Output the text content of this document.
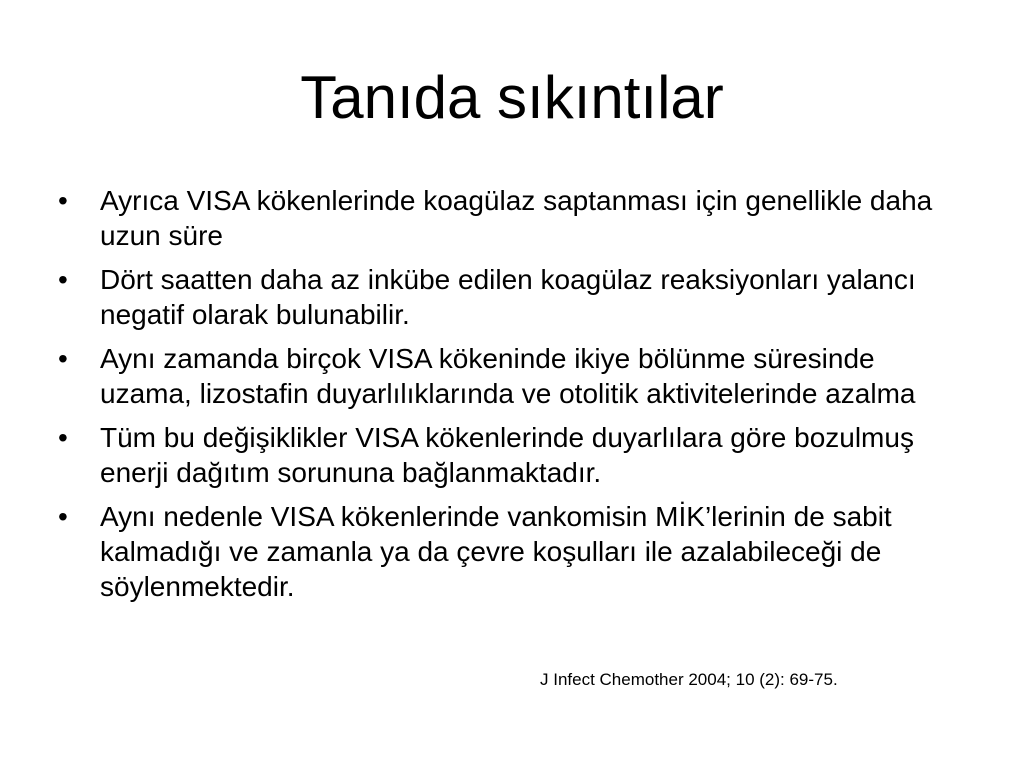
Tanıda sıkıntılar
•	Ayrıca VISA kökenlerinde koagülaz saptanması için genellikle daha uzun süre
•	Dört saatten daha az inkübe edilen koagülaz reaksiyonları yalancı negatif olarak bulunabilir.
•	Aynı zamanda birçok VISA kökeninde ikiye bölünme süresinde uzama, lizostafin duyarlılıklarında ve otolitik aktivitelerinde azalma
•	Tüm bu değişiklikler VISA kökenlerinde duyarlılara göre bozulmuş enerji dağıtım sorununa bağlanmaktadır.
•	Aynı nedenle VISA kökenlerinde vankomisin MİK’lerinin de sabit kalmadığı ve zamanla ya da çevre koşulları ile azalabileceği de söylenmektedir.
J Infect Chemother 2004; 10 (2): 69-75.
